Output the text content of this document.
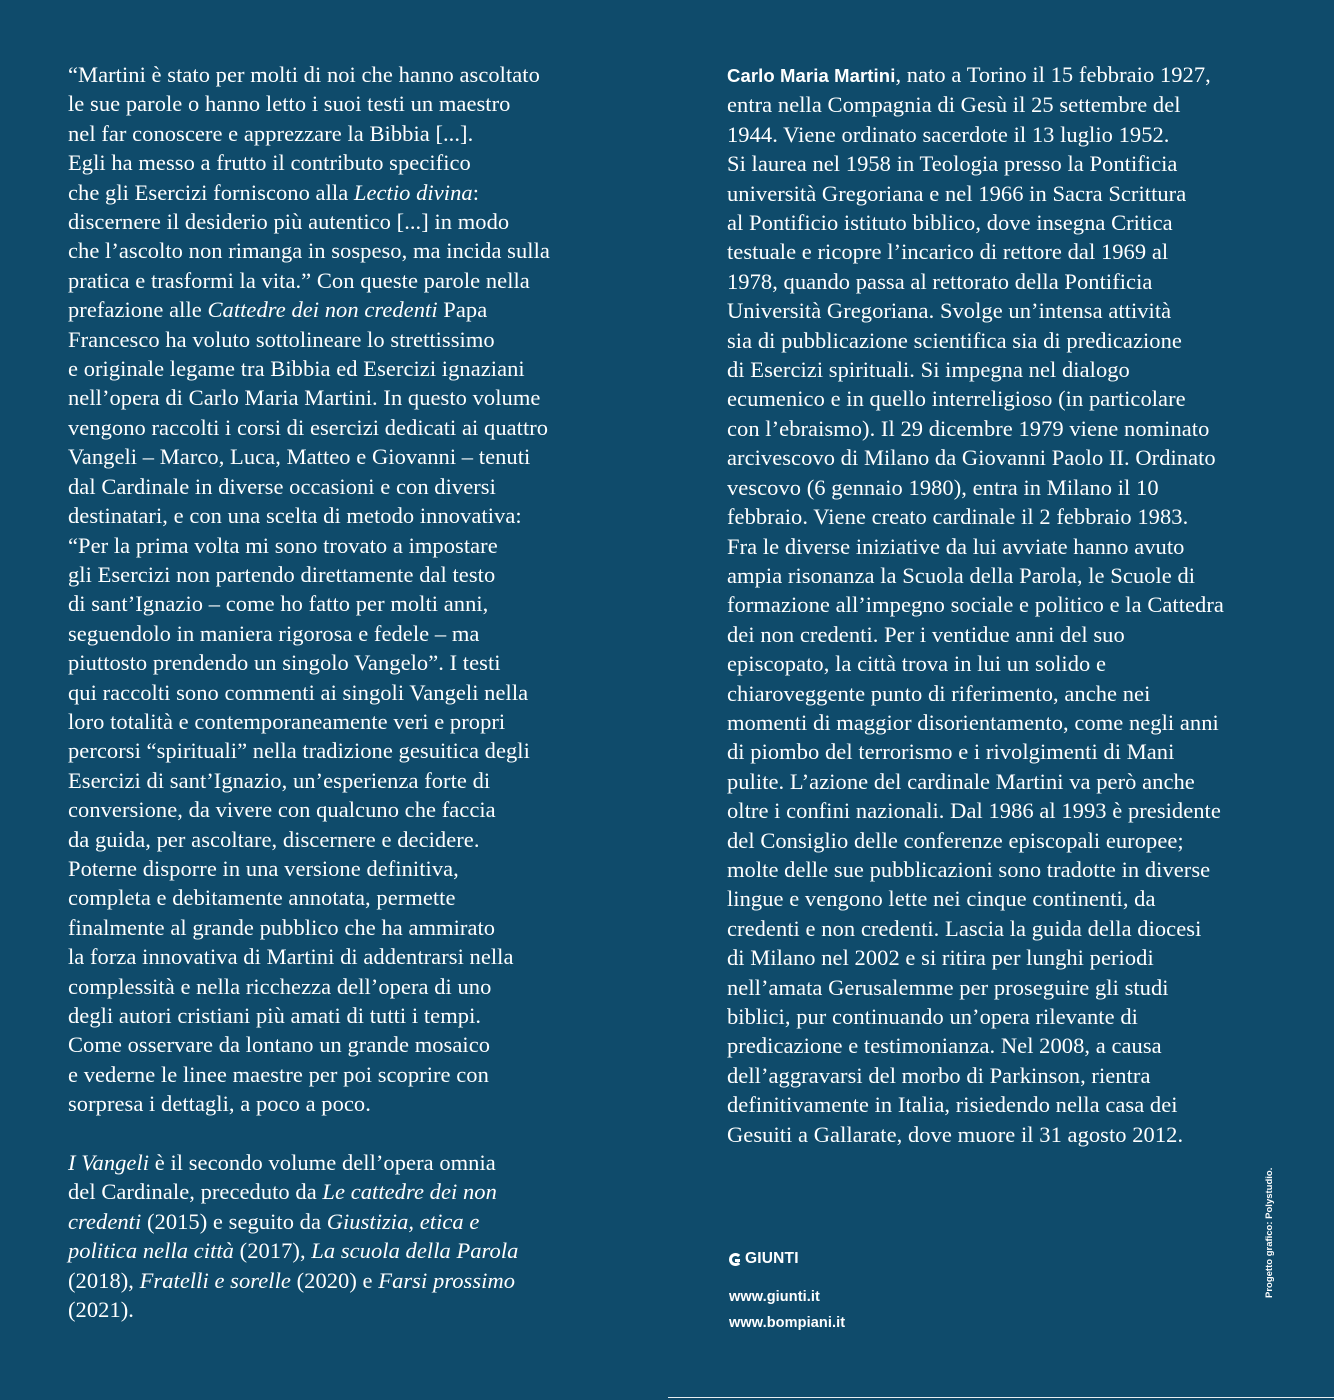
“Martini è stato per molti di noi che hanno ascoltato
le sue parole o hanno letto i suoi testi un maestro
nel far conoscere e apprezzare la Bibbia [...].
Egli ha messo a frutto il contributo specifico
che gli Esercizi forniscono alla Lectio divina:
discernere il desiderio più autentico [...] in modo
che l’ascolto non rimanga in sospeso, ma incida sulla
pratica e trasformi la vita.” Con queste parole nella
prefazione alle Cattedre dei non credenti Papa
Francesco ha voluto sottolineare lo strettissimo
e originale legame tra Bibbia ed Esercizi ignaziani
nell’opera di Carlo Maria Martini. In questo volume
vengono raccolti i corsi di esercizi dedicati ai quattro
Vangeli – Marco, Luca, Matteo e Giovanni – tenuti
dal Cardinale in diverse occasioni e con diversi
destinatari, e con una scelta di metodo innovativa:
“Per la prima volta mi sono trovato a impostare
gli Esercizi non partendo direttamente dal testo
di sant’Ignazio – come ho fatto per molti anni,
seguendolo in maniera rigorosa e fedele – ma
piuttosto prendendo un singolo Vangelo”. I testi
qui raccolti sono commenti ai singoli Vangeli nella
loro totalità e contemporaneamente veri e propri
percorsi “spirituali” nella tradizione gesuitica degli
Esercizi di sant’Ignazio, un’esperienza forte di
conversione, da vivere con qualcuno che faccia
da guida, per ascoltare, discernere e decidere.
Poterne disporre in una versione definitiva,
completa e debitamente annotata, permette
finalmente al grande pubblico che ha ammirato
la forza innovativa di Martini di addentrarsi nella
complessità e nella ricchezza dell’opera di uno
degli autori cristiani più amati di tutti i tempi.
Come osservare da lontano un grande mosaico
e vederne le linee maestre per poi scoprire con
sorpresa i dettagli, a poco a poco.
I Vangeli è il secondo volume dell’opera omnia
del Cardinale, preceduto da Le cattedre dei non
credenti (2015) e seguito da Giustizia, etica e
politica nella città (2017), La scuola della Parola
(2018), Fratelli e sorelle (2020) e Farsi prossimo
(2021).
Carlo Maria Martini, nato a Torino il 15 febbraio 1927,
entra nella Compagnia di Gesù il 25 settembre del
1944. Viene ordinato sacerdote il 13 luglio 1952.
Si laurea nel 1958 in Teologia presso la Pontificia
università Gregoriana e nel 1966 in Sacra Scrittura
al Pontificio istituto biblico, dove insegna Critica
testuale e ricopre l’incarico di rettore dal 1969 al
1978, quando passa al rettorato della Pontificia
Università Gregoriana. Svolge un’intensa attività
sia di pubblicazione scientifica sia di predicazione
di Esercizi spirituali. Si impegna nel dialogo
ecumenico e in quello interreligioso (in particolare
con l’ebraismo). Il 29 dicembre 1979 viene nominato
arcivescovo di Milano da Giovanni Paolo II. Ordinato
vescovo (6 gennaio 1980), entra in Milano il 10
febbraio. Viene creato cardinale il 2 febbraio 1983.
Fra le diverse iniziative da lui avviate hanno avuto
ampia risonanza la Scuola della Parola, le Scuole di
formazione all’impegno sociale e politico e la Cattedra
dei non credenti. Per i ventidue anni del suo
episcopato, la città trova in lui un solido e
chiaroveggente punto di riferimento, anche nei
momenti di maggior disorientamento, come negli anni
di piombo del terrorismo e i rivolgimenti di Mani
pulite. L’azione del cardinale Martini va però anche
oltre i confini nazionali. Dal 1986 al 1993 è presidente
del Consiglio delle conferenze episcopali europee;
molte delle sue pubblicazioni sono tradotte in diverse
lingue e vengono lette nei cinque continenti, da
credenti e non credenti. Lascia la guida della diocesi
di Milano nel 2002 e si ritira per lunghi periodi
nell’amata Gerusalemme per proseguire gli studi
biblici, pur continuando un’opera rilevante di
predicazione e testimonianza. Nel 2008, a causa
dell’aggravarsi del morbo di Parkinson, rientra
definitivamente in Italia, risiedendo nella casa dei
Gesuiti a Gallarate, dove muore il 31 agosto 2012.
GIUNTI
www.giunti.it
www.bompiani.it
Progetto grafico: Polystudio.
